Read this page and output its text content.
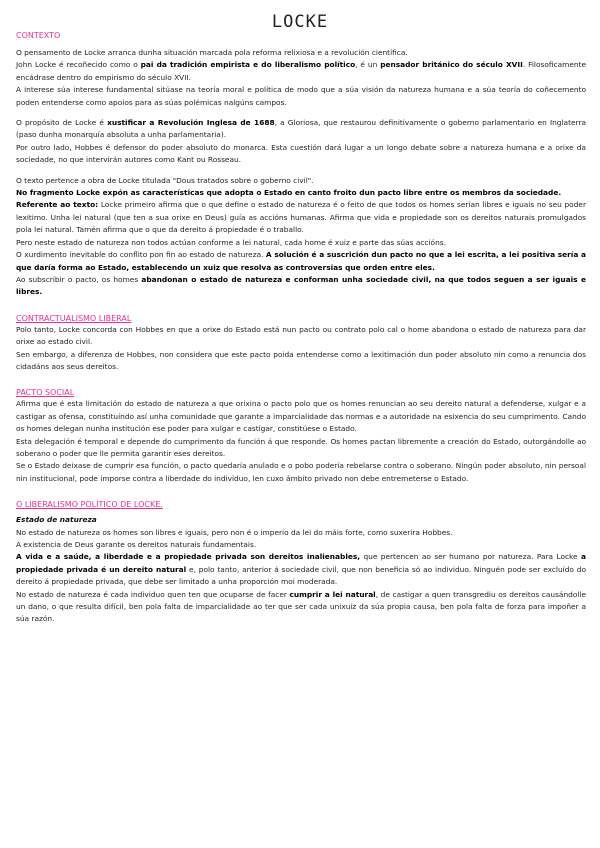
LOCKE
CONTEXTO

O pensamento de Locke arranca dunha situación marcada pola reforma relixiosa e a revolución científica.

John Locke é recoñecido como o pai da tradición empirista e do liberalismo político, é un pensador británico do século XVII. Filosoficamente encádrase dentro do empirismo do século XVII.

A interese súa interese fundamental sitúase na teoría moral e política de modo que a súa visión da natureza humana e a súa teoría do coñecemento poden entenderse como apoios para as súas polémicas nalgúns campos.

O propósito de Locke é xustificar a Revolución Inglesa de 1688, a Gloriosa, que restaurou definitivamente o goberno parlamentario en Inglaterra (paso dunha monarquía absoluta a unha parlamentaria).

Por outro lado, Hobbes é defensor do poder absoluto do monarca. Esta cuestión dará lugar a un longo debate sobre a natureza humana e a orixe da sociedade, no que intervirán autores como Kant ou Rosseau.

O texto pertence a obra de Locke titulada "Dous tratados sobre o goberno civil".

No fragmento Locke expón as características que adopta o Estado en canto froito dun pacto libre entre os membros da sociedade.

Referente ao texto: Locke primeiro afirma que o que define o estado de natureza é o feito de que todos os homes serían libres e iguais no seu poder lexitimo. Unha lei natural (que ten a sua orixe en Deus) guía as accións humanas. Afirma que vida e propiedade son os dereitos naturais promulgados pola lei natural. Tamén afirma que o que da dereito á propiedade é o traballo.

Pero neste estado de natureza non todos actúan conforme a lei natural, cada home é xuiz e parte das súas accións.

O xurdimento inevitable do conflito pon fin ao estado de natureza. A solución é a suscrición dun pacto no que a lei escrita, a lei positiva sería a que daría forma ao Estado, establecendo un xuiz que resolva as controversias que orden entre eles.

Ao subscribir o pacto, os homes abandonan o estado de natureza e conforman unha sociedade civil, na que todos seguen a ser iguais e libres.

CONTRACTUALISMO LIBERAL

Polo tanto, Locke concorda con Hobbes en que a orixe do Estado está nun pacto ou contrato polo cal o home abandona o estado de natureza para dar orixe ao estado civil.

Sen embargo, a diferenza de Hobbes, non considera que este pacto poida entenderse como a lexitimación dun poder absoluto nin como a renuncia dos cidadáns aos seus dereitos.

PACTO SOCIAL

Afirma que é esta limitación do estado de natureza a que orixina o pacto polo que os homes renuncian ao seu dereito natural a defenderse, xulgar e a castigar as ofensa, constituíndo así unha comunidade que garante a imparcialidade das normas e a autoridade na esixencia do seu cumprimento. Cando os homes delegan nunha institución ese poder para xulgar e castigar, constitúese o Estado.

Esta delegación é temporal e depende do cumprimento da función á que responde. Os homes pactan libremente a creación do Estado, outorgándolle ao soberano o poder que lle permita garantir eses dereitos.

Se o Estado deixase de cumprir esa función, o pacto quedaría anulado e o pobo podería rebelarse contra o soberano. Ningún poder absoluto, nin persoal nin institucional, pode imporse contra a liberdade do individuo, len cuxo ámbito privado non debe entremeterse o Estado.

O LIBERALISMO POLÍTICO DE LOCKE.

Estado de natureza

No estado de natureza os homes son libres e iguais, pero non é o imperio da lei do máis forte, como suxerira Hobbes.

A existencia de Deus garante os dereitos naturais fundamentais.

A vida e a saúde, a liberdade e a propiedade privada son dereitos inalienables, que pertencen ao ser humano por natureza. Para Locke a propiedade privada é un dereito natural e, polo tanto, anterior á sociedade civil, que non beneficia só ao individuo. Ninguén pode ser excluído do dereito á propiedade privada, que debe ser limitado a unha proporción moi moderada.

No estado de natureza é cada individuo quen ten que ocuparse de facer cumprir a lei natural, de castigar a quen transgrediu os dereitos causándolle un dano, o que resulta difícil, ben pola falta de imparcialidade ao ter que ser cada unixuiz da súa propia causa, ben pola falta de forza para impoñer a súa razón.
